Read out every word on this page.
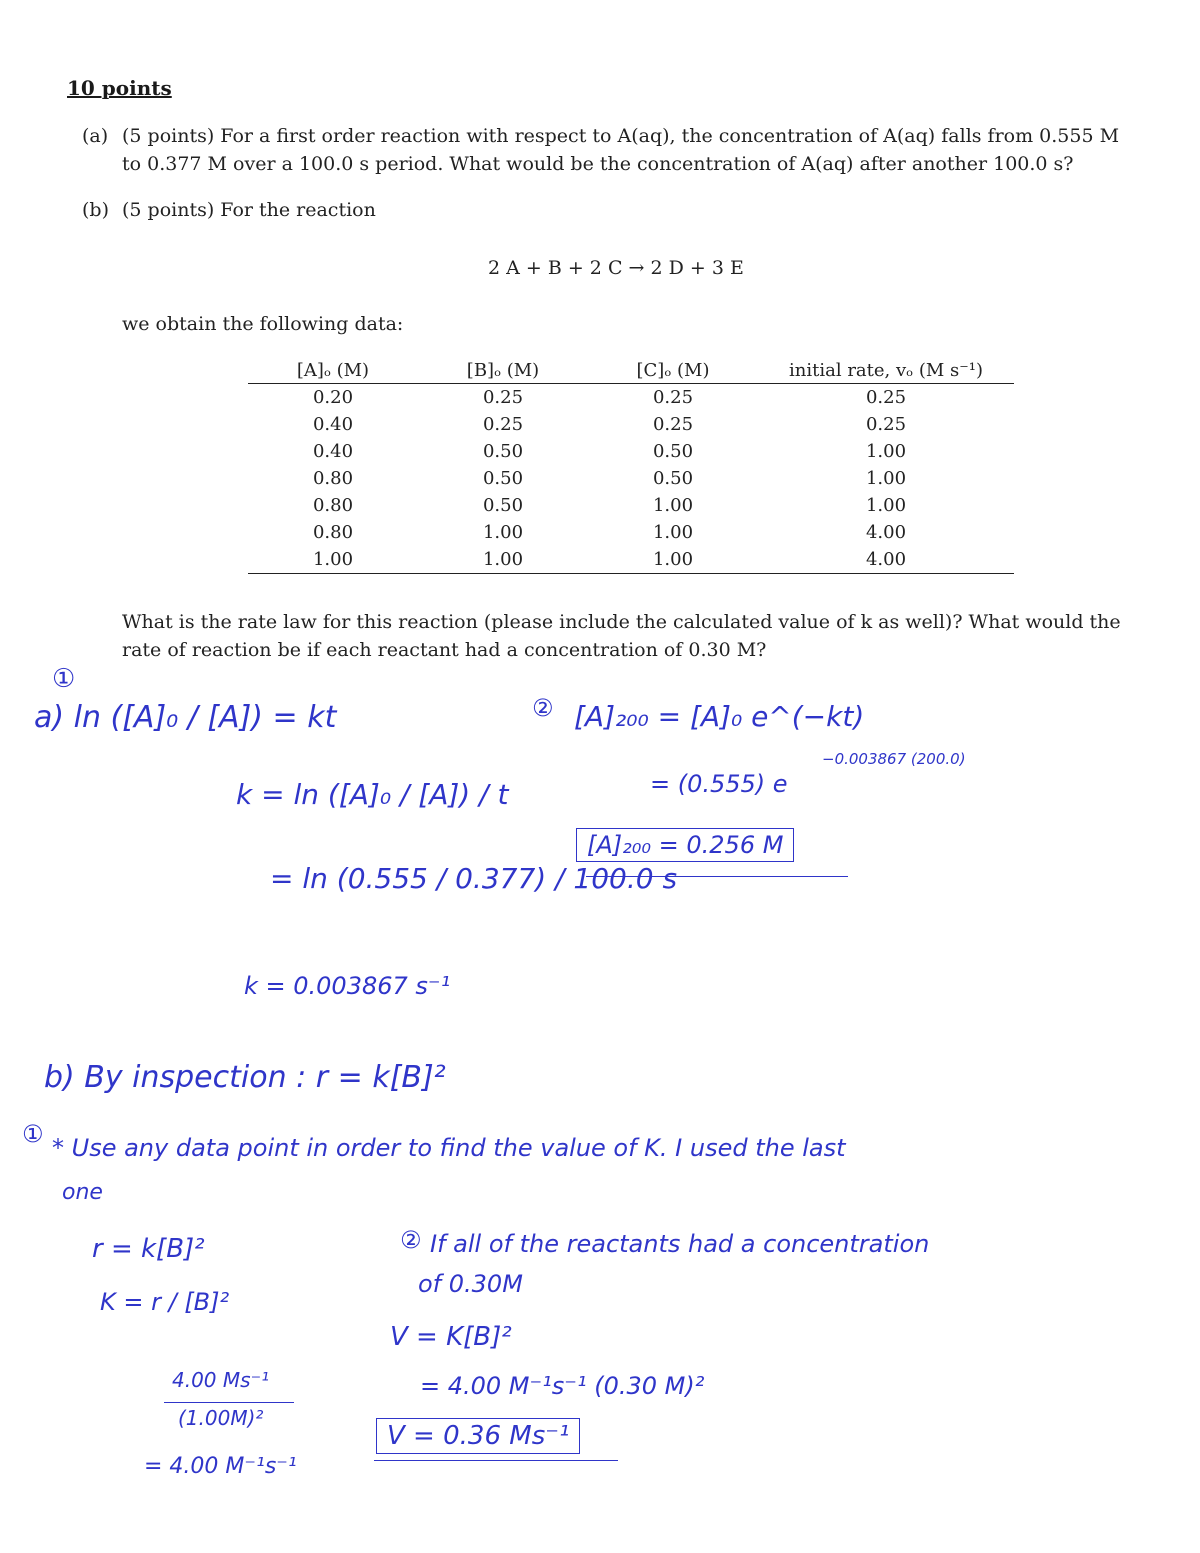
10 points
(a) (5 points) For a first order reaction with respect to A(aq), the concentration of A(aq) falls from 0.555 M
to 0.377 M over a 100.0 s period. What would be the concentration of A(aq) after another 100.0 s?
(b) (5 points) For the reaction
2 A + B + 2 C → 2 D + 3 E
we obtain the following data:
[A]ₒ (M)	[B]ₒ (M)	[C]ₒ (M)	initial rate, vₒ (M s⁻¹)
0.20	0.25	0.25	0.25
0.40	0.25	0.25	0.25
0.40	0.50	0.50	1.00
0.80	0.50	0.50	1.00
0.80	0.50	1.00	1.00
0.80	1.00	1.00	4.00
1.00	1.00	1.00	4.00
What is the rate law for this reaction (please include the calculated value of k as well)? What would the
rate of reaction be if each reactant had a concentration of 0.30 M?
①
a) ln ([A]₀ / [A]) = kt
k = ln ([A]₀ / [A]) / t
= ln (0.555 / 0.377) / 100.0 s
k = 0.003867 s⁻¹
② [A]₂₀₀ = [A]₀ e^(−kt)
= (0.555) e
−0.003867 (200.0)
[A]₂₀₀ = 0.256 M
b) By inspection : r = k[B]²
① * Use any data point in order to find the value of K. I used the last
one
r = k[B]²
K = r / [B]²
4.00 Ms⁻¹
(1.00M)²
= 4.00 M⁻¹s⁻¹
② If all of the reactants had a concentration
of 0.30M
V = K[B]²
= 4.00 M⁻¹s⁻¹ (0.30 M)²
V = 0.36 Ms⁻¹
